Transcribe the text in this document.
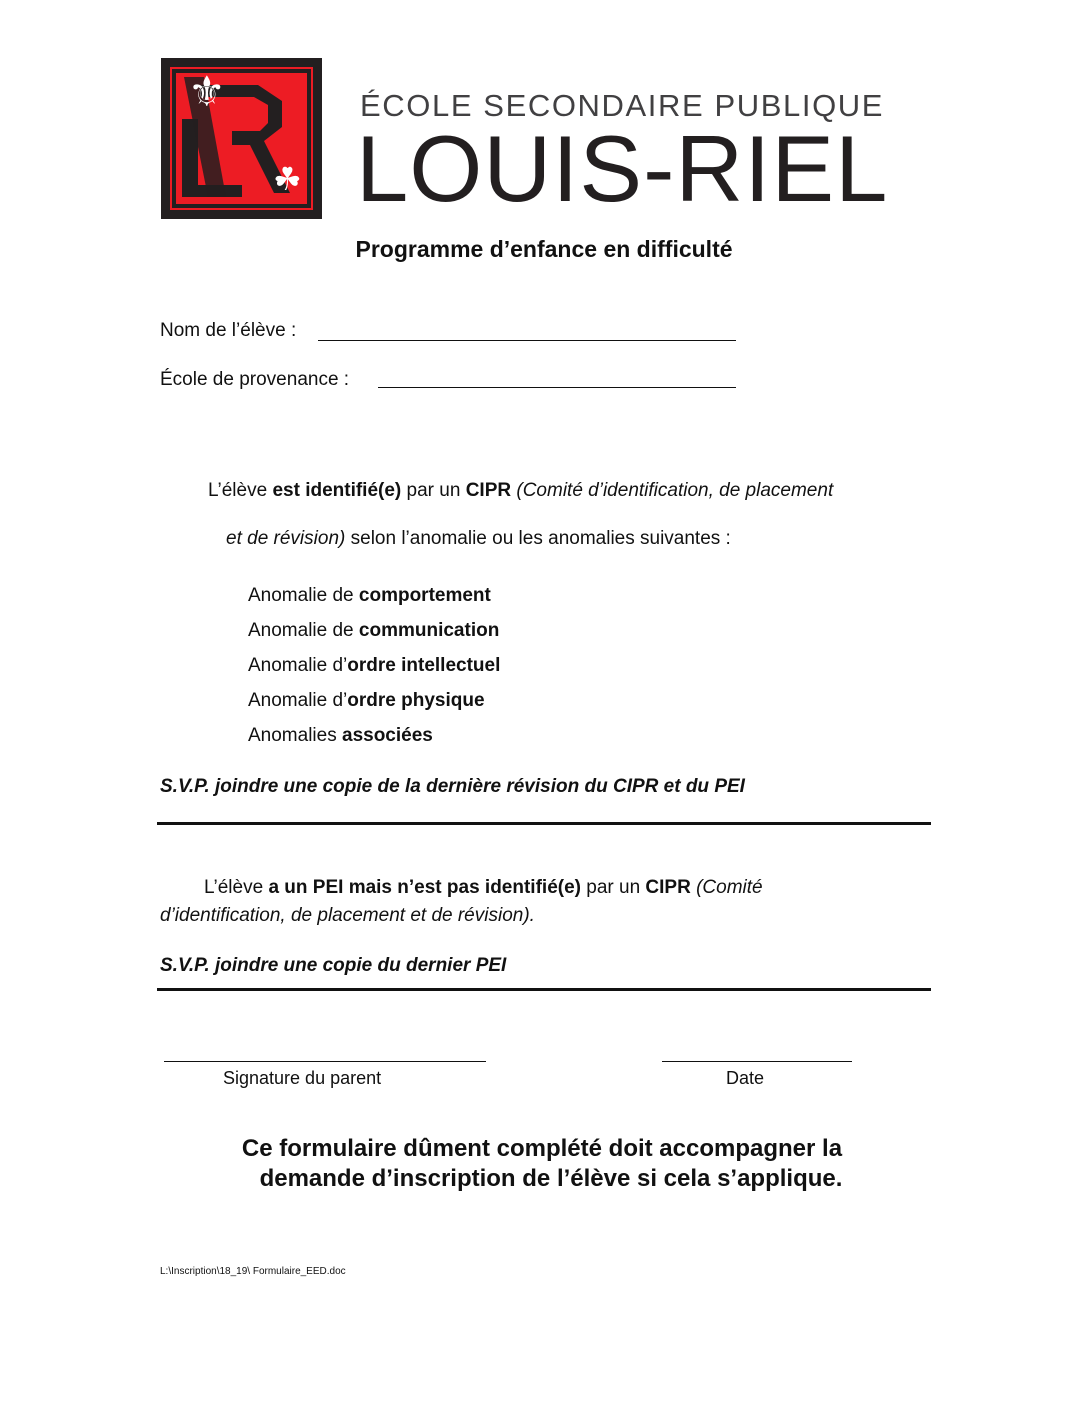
⚜
☘
ÉCOLE SECONDAIRE PUBLIQUE
LOUIS-RIEL
Programme d’enfance en difficulté
Nom de l’élève :
École de provenance :
L’élève est identifié(e) par un CIPR (Comité d’identification, de placement
et de révision) selon l’anomalie ou les anomalies suivantes :
Anomalie de comportement
Anomalie de communication
Anomalie d’ordre intellectuel
Anomalie d’ordre physique
Anomalies associées
S.V.P. joindre une copie de la dernière révision du CIPR et du PEI
L’élève a un PEI mais n’est pas identifié(e) par un CIPR (Comité
d’identification, de placement et de révision).
S.V.P. joindre une copie du dernier PEI
Signature du parent	Date
Ce formulaire dûment complété doit accompagner la
demande d’inscription de l’élève si cela s’applique.
L:\Inscription\18_19\ Formulaire_EED.doc
